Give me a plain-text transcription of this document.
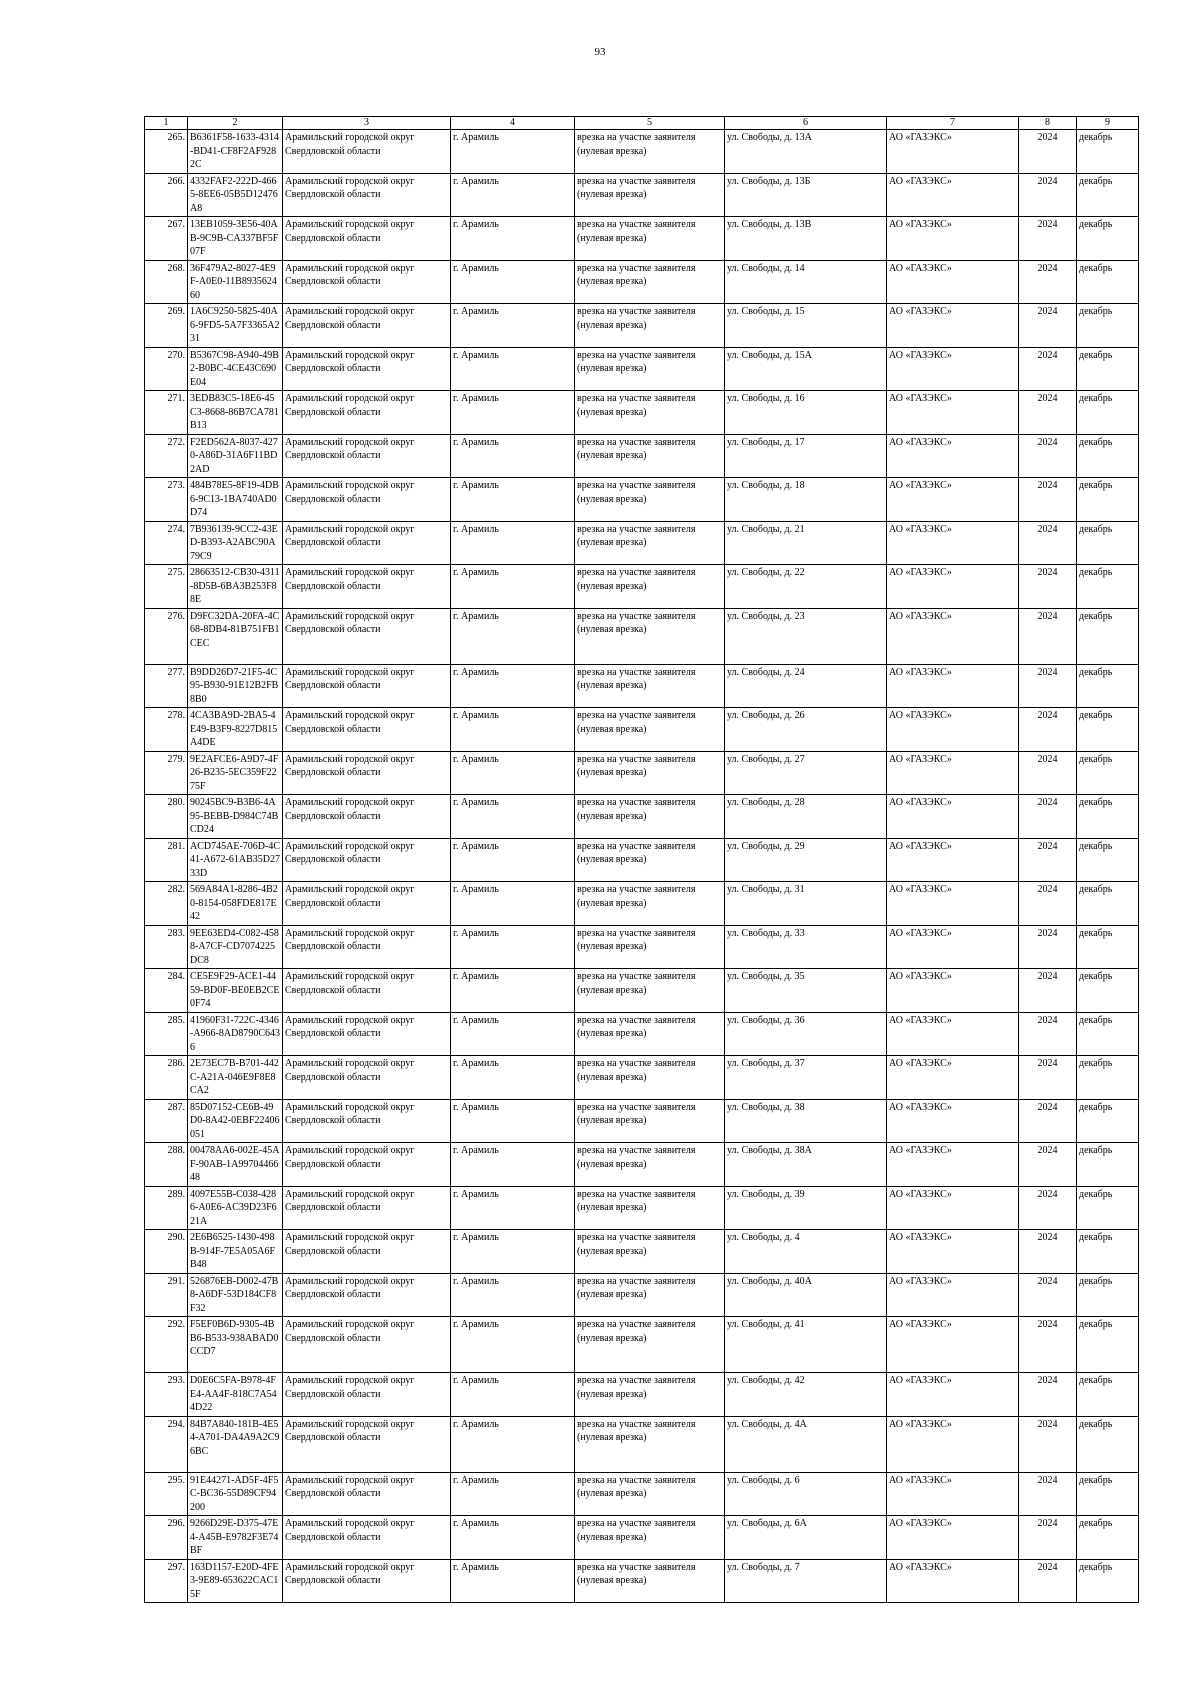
93
1	2	3	4	5	6	7	8	9
265.	B6361F58-1633-4314-BD41-CF8F2AF9282C	Арамильский городской округ Свердловской области	г. Арамиль	врезка на участке заявителя (нулевая врезка)	ул. Свободы, д. 13А	АО «ГАЗЭКС»	2024	декабрь
266.	4332FAF2-222D-4665-8EE6-05B5D12476A8	Арамильский городской округ Свердловской области	г. Арамиль	врезка на участке заявителя (нулевая врезка)	ул. Свободы, д. 13Б	АО «ГАЗЭКС»	2024	декабрь
267.	13EB1059-3E56-40AB-9C9B-CA337BF5F07F	Арамильский городской округ Свердловской области	г. Арамиль	врезка на участке заявителя (нулевая врезка)	ул. Свободы, д. 13В	АО «ГАЗЭКС»	2024	декабрь
268.	36F479A2-8027-4E9F-A0E0-11B893562460	Арамильский городской округ Свердловской области	г. Арамиль	врезка на участке заявителя (нулевая врезка)	ул. Свободы, д. 14	АО «ГАЗЭКС»	2024	декабрь
269.	1A6C9250-5825-40A6-9FD5-5A7F3365A231	Арамильский городской округ Свердловской области	г. Арамиль	врезка на участке заявителя (нулевая врезка)	ул. Свободы, д. 15	АО «ГАЗЭКС»	2024	декабрь
270.	B5367C98-A940-49B2-B0BC-4CE43C690E04	Арамильский городской округ Свердловской области	г. Арамиль	врезка на участке заявителя (нулевая врезка)	ул. Свободы, д. 15А	АО «ГАЗЭКС»	2024	декабрь
271.	3EDB83C5-18E6-45C3-8668-86B7CA781B13	Арамильский городской округ Свердловской области	г. Арамиль	врезка на участке заявителя (нулевая врезка)	ул. Свободы, д. 16	АО «ГАЗЭКС»	2024	декабрь
272.	F2ED562A-8037-4270-A86D-31A6F11BD2AD	Арамильский городской округ Свердловской области	г. Арамиль	врезка на участке заявителя (нулевая врезка)	ул. Свободы, д. 17	АО «ГАЗЭКС»	2024	декабрь
273.	484B78E5-8F19-4DB6-9C13-1BA740AD0D74	Арамильский городской округ Свердловской области	г. Арамиль	врезка на участке заявителя (нулевая врезка)	ул. Свободы, д. 18	АО «ГАЗЭКС»	2024	декабрь
274.	7B936139-9CC2-43ED-B393-A2ABC90A79C9	Арамильский городской округ Свердловской области	г. Арамиль	врезка на участке заявителя (нулевая врезка)	ул. Свободы, д. 21	АО «ГАЗЭКС»	2024	декабрь
275.	28663512-CB30-4311-8D5B-6BA3B253F88E	Арамильский городской округ Свердловской области	г. Арамиль	врезка на участке заявителя (нулевая врезка)	ул. Свободы, д. 22	АО «ГАЗЭКС»	2024	декабрь
276.	D9FC32DA-20FA-4C68-8DB4-81B751FB1CEC	Арамильский городской округ Свердловской области	г. Арамиль	врезка на участке заявителя (нулевая врезка)	ул. Свободы, д. 23	АО «ГАЗЭКС»	2024	декабрь
277.	B9DD26D7-21F5-4C95-B930-91E12B2FB8B0	Арамильский городской округ Свердловской области	г. Арамиль	врезка на участке заявителя (нулевая врезка)	ул. Свободы, д. 24	АО «ГАЗЭКС»	2024	декабрь
278.	4CA3BA9D-2BA5-4E49-B3F9-8227D815A4DE	Арамильский городской округ Свердловской области	г. Арамиль	врезка на участке заявителя (нулевая врезка)	ул. Свободы, д. 26	АО «ГАЗЭКС»	2024	декабрь
279.	9E2AFCE6-A9D7-4F26-B235-5EC359F2275F	Арамильский городской округ Свердловской области	г. Арамиль	врезка на участке заявителя (нулевая врезка)	ул. Свободы, д. 27	АО «ГАЗЭКС»	2024	декабрь
280.	90245BC9-B3B6-4A95-BEBB-D984C74BCD24	Арамильский городской округ Свердловской области	г. Арамиль	врезка на участке заявителя (нулевая врезка)	ул. Свободы, д. 28	АО «ГАЗЭКС»	2024	декабрь
281.	ACD745AE-706D-4C41-A672-61AB35D2733D	Арамильский городской округ Свердловской области	г. Арамиль	врезка на участке заявителя (нулевая врезка)	ул. Свободы, д. 29	АО «ГАЗЭКС»	2024	декабрь
282.	569A84A1-8286-4B20-8154-058FDE817E42	Арамильский городской округ Свердловской области	г. Арамиль	врезка на участке заявителя (нулевая врезка)	ул. Свободы, д. 31	АО «ГАЗЭКС»	2024	декабрь
283.	9EE63ED4-C082-4588-A7CF-CD7074225DC8	Арамильский городской округ Свердловской области	г. Арамиль	врезка на участке заявителя (нулевая врезка)	ул. Свободы, д. 33	АО «ГАЗЭКС»	2024	декабрь
284.	CE5E9F29-ACE1-4459-BD0F-BE0EB2CE0F74	Арамильский городской округ Свердловской области	г. Арамиль	врезка на участке заявителя (нулевая врезка)	ул. Свободы, д. 35	АО «ГАЗЭКС»	2024	декабрь
285.	41960F31-722C-4346-A966-8AD8790C6436	Арамильский городской округ Свердловской области	г. Арамиль	врезка на участке заявителя (нулевая врезка)	ул. Свободы, д. 36	АО «ГАЗЭКС»	2024	декабрь
286.	2E73EC7B-B701-442C-A21A-046E9F8E8CA2	Арамильский городской округ Свердловской области	г. Арамиль	врезка на участке заявителя (нулевая врезка)	ул. Свободы, д. 37	АО «ГАЗЭКС»	2024	декабрь
287.	85D07152-CE6B-49D0-8A42-0EBF22406051	Арамильский городской округ Свердловской области	г. Арамиль	врезка на участке заявителя (нулевая врезка)	ул. Свободы, д. 38	АО «ГАЗЭКС»	2024	декабрь
288.	00478AA6-002E-45AF-90AB-1A9970446648	Арамильский городской округ Свердловской области	г. Арамиль	врезка на участке заявителя (нулевая врезка)	ул. Свободы, д. 38А	АО «ГАЗЭКС»	2024	декабрь
289.	4097E55B-C038-4286-A0E6-AC39D23F621A	Арамильский городской округ Свердловской области	г. Арамиль	врезка на участке заявителя (нулевая врезка)	ул. Свободы, д. 39	АО «ГАЗЭКС»	2024	декабрь
290.	2E6B6525-1430-498B-914F-7E5A05A6FB48	Арамильский городской округ Свердловской области	г. Арамиль	врезка на участке заявителя (нулевая врезка)	ул. Свободы, д. 4	АО «ГАЗЭКС»	2024	декабрь
291.	526876EB-D002-47B8-A6DF-53D184CF8F32	Арамильский городской округ Свердловской области	г. Арамиль	врезка на участке заявителя (нулевая врезка)	ул. Свободы, д. 40А	АО «ГАЗЭКС»	2024	декабрь
292.	F5EF0B6D-9305-4BB6-B533-938ABAD0CCD7	Арамильский городской округ Свердловской области	г. Арамиль	врезка на участке заявителя (нулевая врезка)	ул. Свободы, д. 41	АО «ГАЗЭКС»	2024	декабрь
293.	D0E6C5FA-B978-4FE4-AA4F-818C7A544D22	Арамильский городской округ Свердловской области	г. Арамиль	врезка на участке заявителя (нулевая врезка)	ул. Свободы, д. 42	АО «ГАЗЭКС»	2024	декабрь
294.	84B7A840-181B-4E54-A701-DA4A9A2C96BC	Арамильский городской округ Свердловской области	г. Арамиль	врезка на участке заявителя (нулевая врезка)	ул. Свободы, д. 4А	АО «ГАЗЭКС»	2024	декабрь
295.	91E44271-AD5F-4F5C-BC36-55D89CF94200	Арамильский городской округ Свердловской области	г. Арамиль	врезка на участке заявителя (нулевая врезка)	ул. Свободы, д. 6	АО «ГАЗЭКС»	2024	декабрь
296.	9266D29E-D375-47E4-A45B-E9782F3E74BF	Арамильский городской округ Свердловской области	г. Арамиль	врезка на участке заявителя (нулевая врезка)	ул. Свободы, д. 6А	АО «ГАЗЭКС»	2024	декабрь
297.	163D1157-E20D-4FE3-9E89-653622CAC15F	Арамильский городской округ Свердловской области	г. Арамиль	врезка на участке заявителя (нулевая врезка)	ул. Свободы, д. 7	АО «ГАЗЭКС»	2024	декабрь
